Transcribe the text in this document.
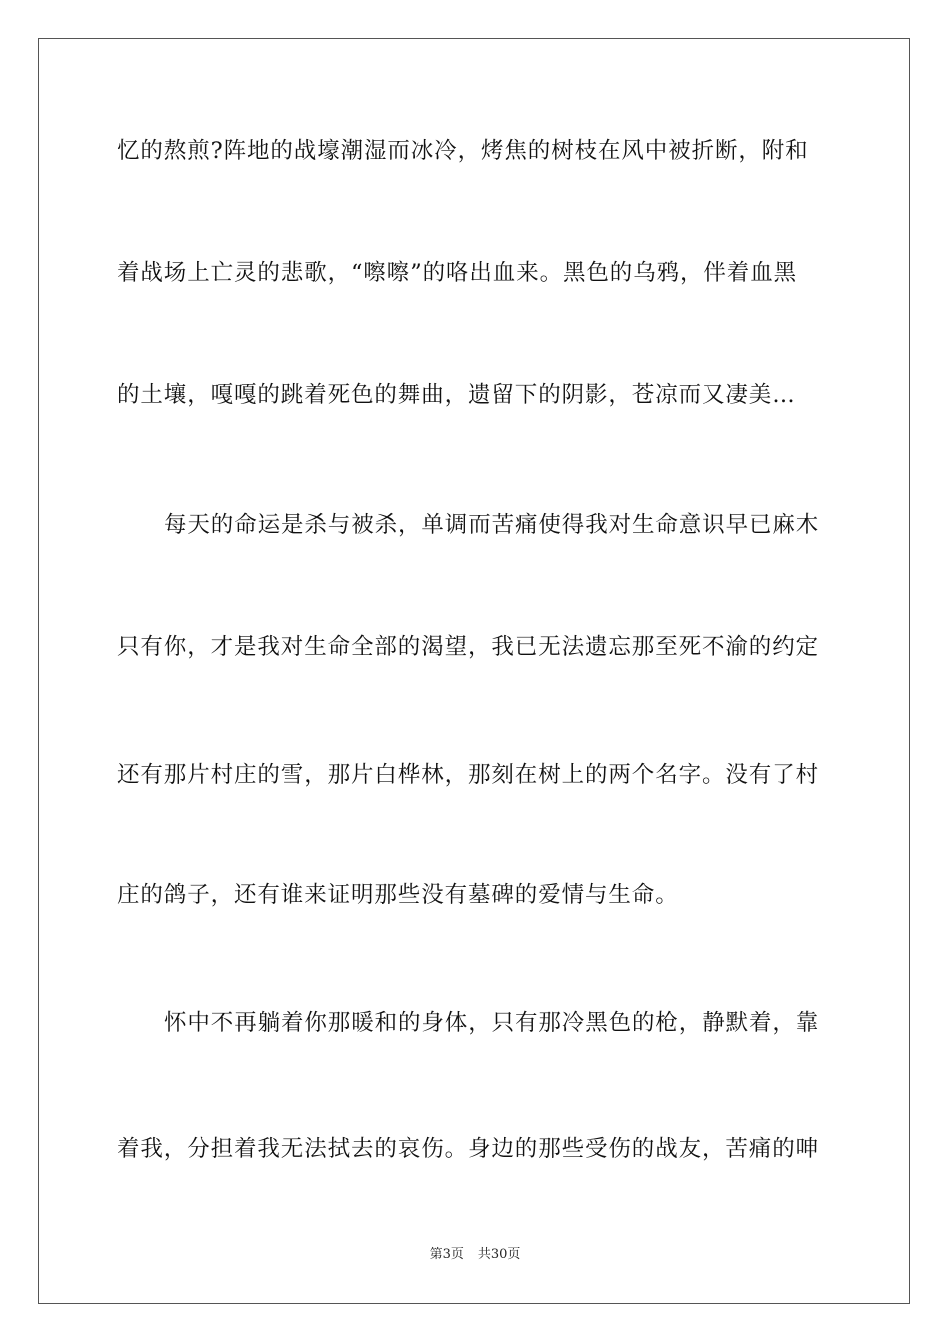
忆的熬煎?阵地的战壕潮湿而冰冷，烤焦的树枝在风中被折断，附和
着战场上亡灵的悲歌，“嚓嚓”的咯出血来。黑色的乌鸦，伴着血黑
的土壤，嘎嘎的跳着死色的舞曲，遗留下的阴影，苍凉而又凄美…
每天的命运是杀与被杀，单调而苦痛使得我对生命意识早已麻木
只有你，才是我对生命全部的渴望，我已无法遗忘那至死不渝的约定
还有那片村庄的雪，那片白桦林，那刻在树上的两个名字。没有了村
庄的鸽子，还有谁来证明那些没有墓碑的爱情与生命。
怀中不再躺着你那暖和的身体，只有那冷黑色的枪，静默着，靠
着我，分担着我无法拭去的哀伤。身边的那些受伤的战友，苦痛的呻
第3页 共30页
